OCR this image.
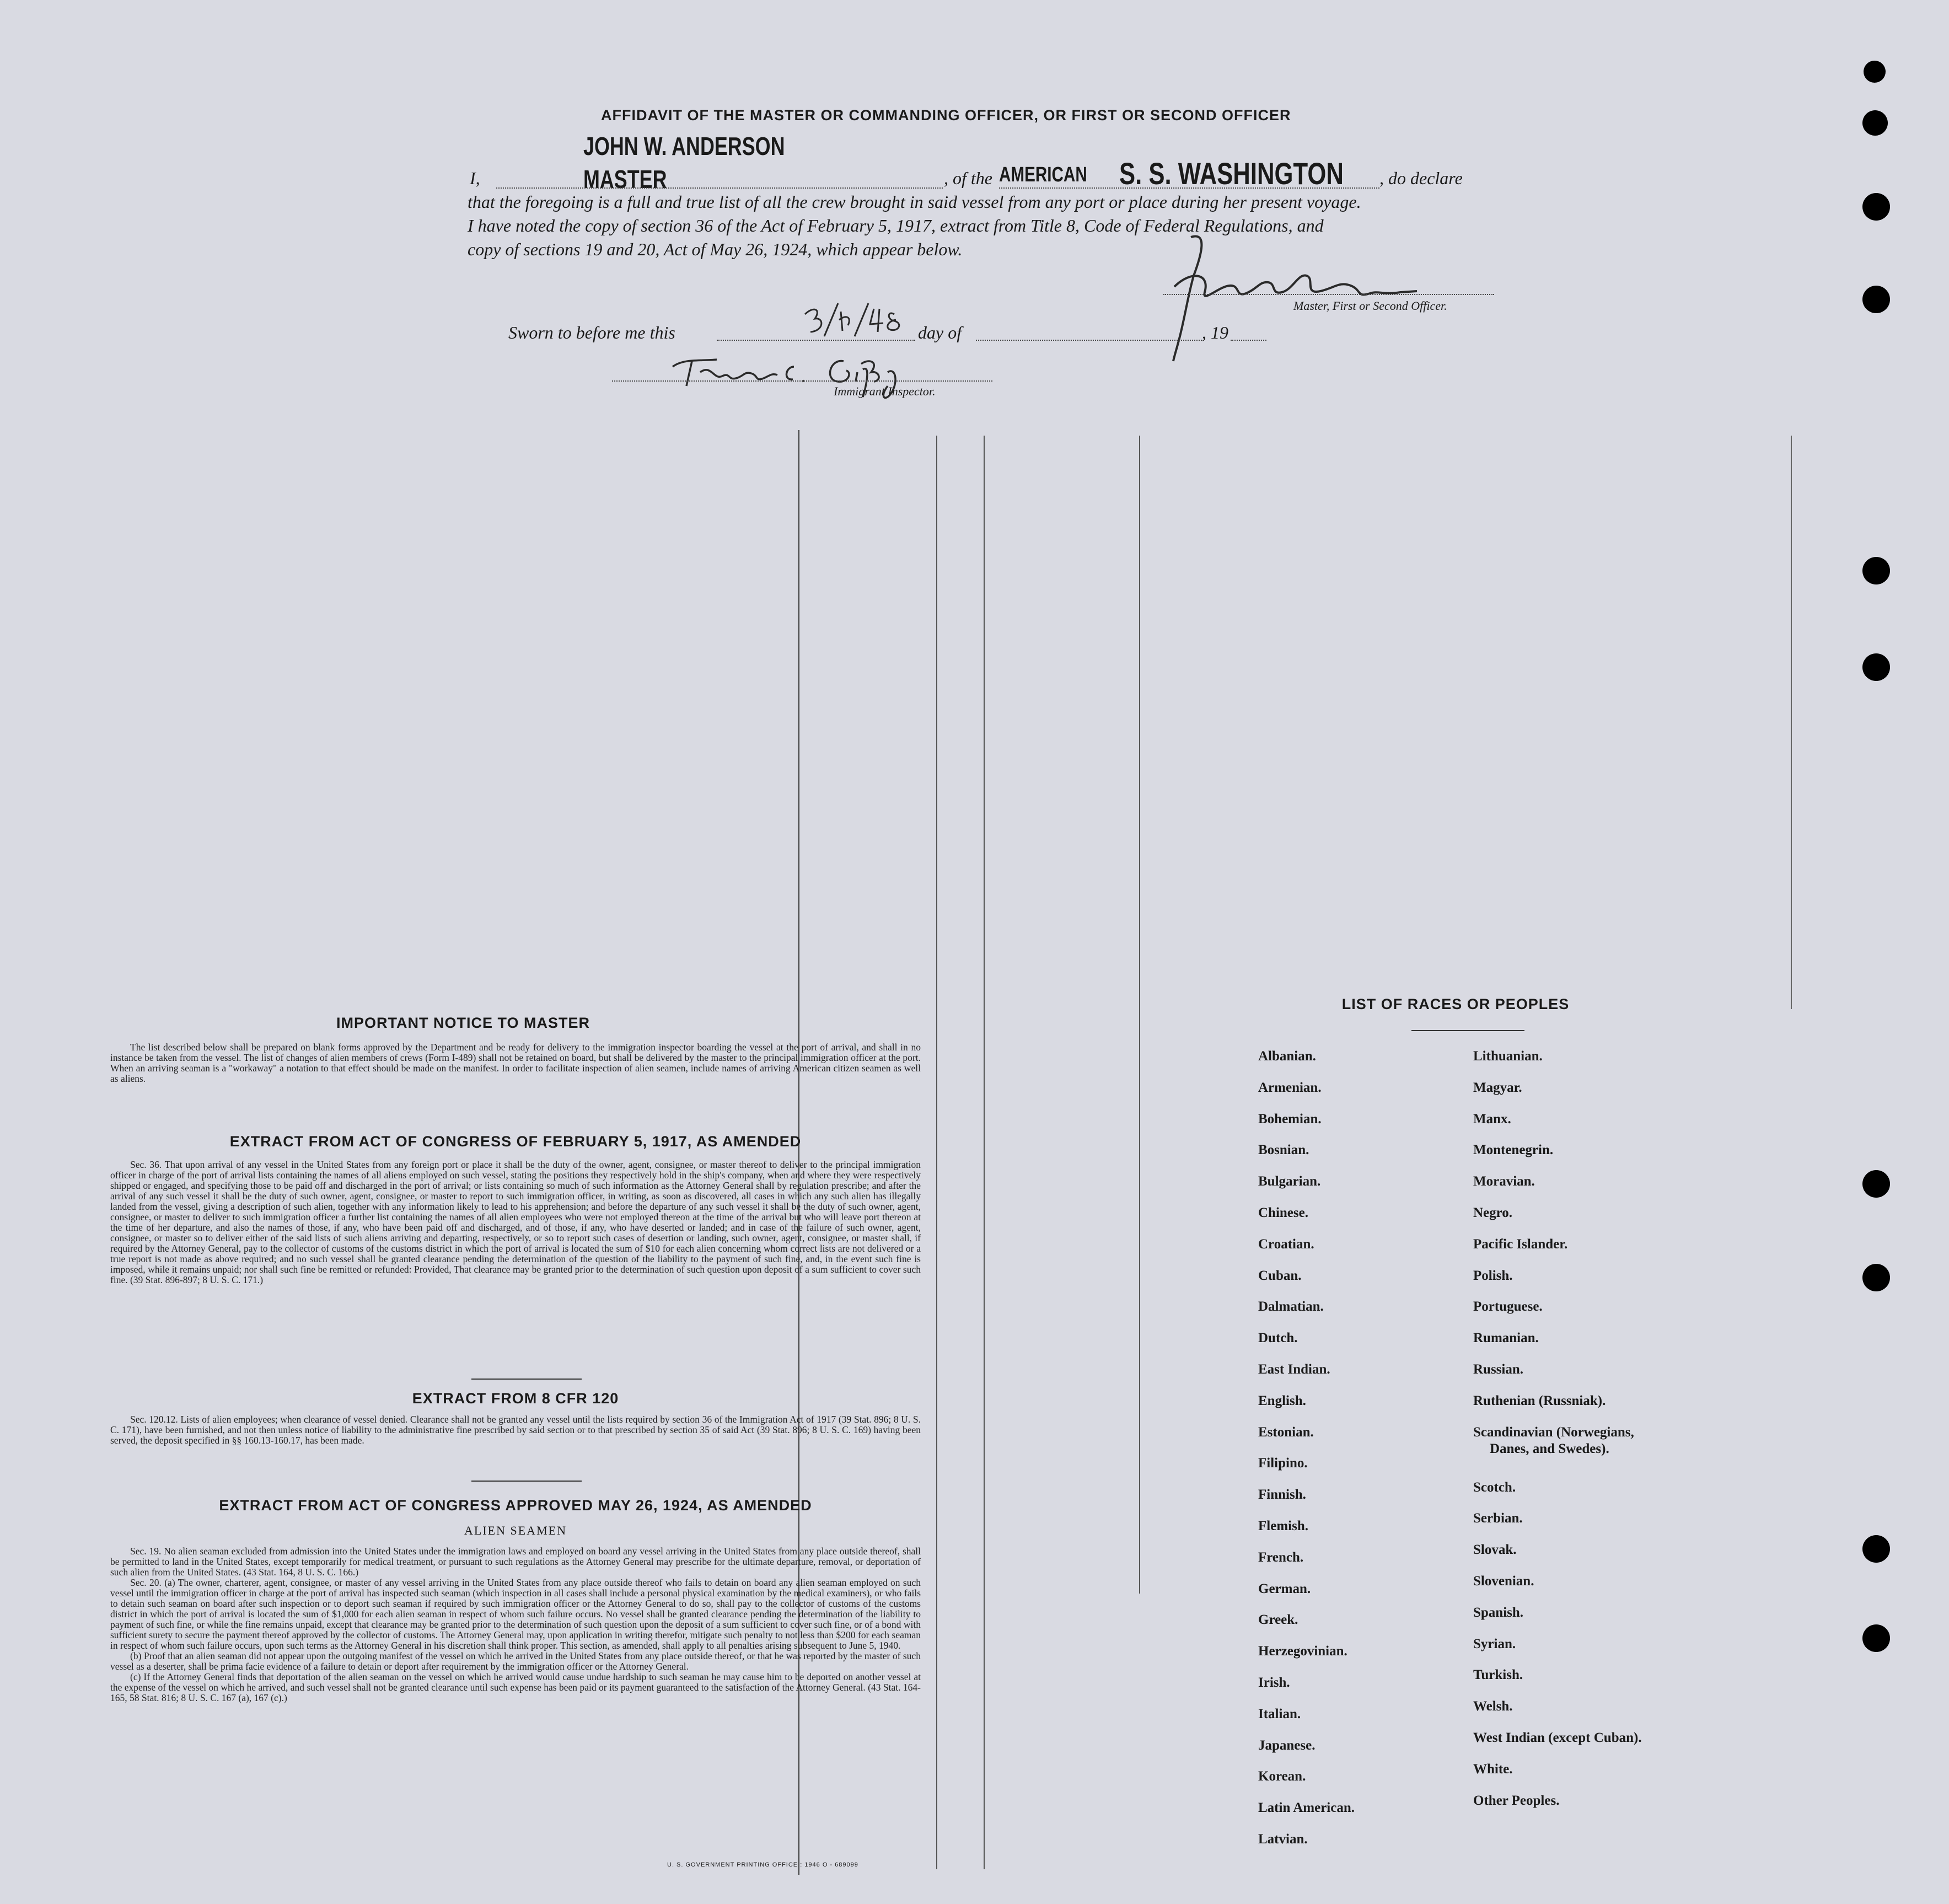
AFFIDAVIT OF THE MASTER OR COMMANDING OFFICER, OR FIRST OR SECOND OFFICER
I,
JOHN W. ANDERSON
MASTER	, of the AMERICAN S. S. WASHINGTON , do declare
that the foregoing is a full and true list of all the crew brought in said vessel from any port or place during her present voyage.
I have noted the copy of section 36 of the Act of February 5, 1917, extract from Title 8, Code of Federal Regulations, and
copy of sections 19 and 20, Act of May 26, 1924, which appear below.
Master, First or Second Officer.
Sworn to before me this	day of	, 19
Immigrant Inspector.
IMPORTANT NOTICE TO MASTER

The list described below shall be prepared on blank forms approved by the Department and be ready for delivery to the immigration inspector boarding the vessel at the port of arrival, and shall in no instance be taken from the vessel. The list of changes of alien members of crews (Form I-489) shall not be retained on board, but shall be delivered by the master to the principal immigration officer at the port. When an arriving seaman is a "workaway" a notation to that effect should be made on the manifest. In order to facilitate inspection of alien seamen, include names of arriving American citizen seamen as well as aliens.

EXTRACT FROM ACT OF CONGRESS OF FEBRUARY 5, 1917, AS AMENDED

Sec. 36. That upon arrival of any vessel in the United States from any foreign port or place it shall be the duty of the owner, agent, consignee, or master thereof to deliver to the principal immigration officer in charge of the port of arrival lists containing the names of all aliens employed on such vessel, stating the positions they respectively hold in the ship's company, when and where they were respectively shipped or engaged, and specifying those to be paid off and discharged in the port of arrival; or lists containing so much of such information as the Attorney General shall by regulation prescribe; and after the arrival of any such vessel it shall be the duty of such owner, agent, consignee, or master to report to such immigration officer, in writing, as soon as discovered, all cases in which any such alien has illegally landed from the vessel, giving a description of such alien, together with any information likely to lead to his apprehension; and before the departure of any such vessel it shall be the duty of such owner, agent, consignee, or master to deliver to such immigration officer a further list containing the names of all alien employees who were not employed thereon at the time of the arrival but who will leave port thereon at the time of her departure, and also the names of those, if any, who have been paid off and discharged, and of those, if any, who have deserted or landed; and in case of the failure of such owner, agent, consignee, or master so to deliver either of the said lists of such aliens arriving and departing, respectively, or so to report such cases of desertion or landing, such owner, agent, consignee, or master shall, if required by the Attorney General, pay to the collector of customs of the customs district in which the port of arrival is located the sum of $10 for each alien concerning whom correct lists are not delivered or a true report is not made as above required; and no such vessel shall be granted clearance pending the determination of the question of the liability to the payment of such fine, and, in the event such fine is imposed, while it remains unpaid; nor shall such fine be remitted or refunded: Provided, That clearance may be granted prior to the determination of such question upon deposit of a sum sufficient to cover such fine. (39 Stat. 896-897; 8 U. S. C. 171.)

EXTRACT FROM 8 CFR 120

Sec. 120.12. Lists of alien employees; when clearance of vessel denied. Clearance shall not be granted any vessel until the lists required by section 36 of the Immigration Act of 1917 (39 Stat. 896; 8 U. S. C. 171), have been furnished, and not then unless notice of liability to the administrative fine prescribed by said section or to that prescribed by section 35 of said Act (39 Stat. 896; 8 U. S. C. 169) having been served, the deposit specified in §§ 160.13-160.17, has been made.

EXTRACT FROM ACT OF CONGRESS APPROVED MAY 26, 1924, AS AMENDED
ALIEN SEAMEN

Sec. 19. No alien seaman excluded from admission into the United States under the immigration laws and employed on board any vessel arriving in the United States from any place outside thereof, shall be permitted to land in the United States, except temporarily for medical treatment, or pursuant to such regulations as the Attorney General may prescribe for the ultimate departure, removal, or deportation of such alien from the United States. (43 Stat. 164, 8 U. S. C. 166.)

Sec. 20. (a) The owner, charterer, agent, consignee, or master of any vessel arriving in the United States from any place outside thereof who fails to detain on board any alien seaman employed on such vessel until the immigration officer in charge at the port of arrival has inspected such seaman (which inspection in all cases shall include a personal physical examination by the medical examiners), or who fails to detain such seaman on board after such inspection or to deport such seaman if required by such immigration officer or the Attorney General to do so, shall pay to the collector of customs of the customs district in which the port of arrival is located the sum of $1,000 for each alien seaman in respect of whom such failure occurs. No vessel shall be granted clearance pending the determination of the liability to payment of such fine, or while the fine remains unpaid, except that clearance may be granted prior to the determination of such question upon the deposit of a sum sufficient to cover such fine, or of a bond with sufficient surety to secure the payment thereof approved by the collector of customs. The Attorney General may, upon application in writing therefor, mitigate such penalty to not less than $200 for each seaman in respect of whom such failure occurs, upon such terms as the Attorney General in his discretion shall think proper. This section, as amended, shall apply to all penalties arising subsequent to June 5, 1940.

(b) Proof that an alien seaman did not appear upon the outgoing manifest of the vessel on which he arrived in the United States from any place outside thereof, or that he was reported by the master of such vessel as a deserter, shall be prima facie evidence of a failure to detain or deport after requirement by the immigration officer or the Attorney General.

(c) If the Attorney General finds that deportation of the alien seaman on the vessel on which he arrived would cause undue hardship to such seaman he may cause him to be deported on another vessel at the expense of the vessel on which he arrived, and such vessel shall not be granted clearance until such expense has been paid or its payment guaranteed to the satisfaction of the Attorney General. (43 Stat. 164-165, 58 Stat. 816; 8 U. S. C. 167 (a), 167 (c).)

LIST OF RACES OR PEOPLES
Albanian.
Armenian.
Bohemian.
Bosnian.
Bulgarian.
Chinese.
Croatian.
Cuban.
Dalmatian.
Dutch.
East Indian.
English.
Estonian.
Filipino.
Finnish.
Flemish.
French.
German.
Greek.
Herzegovinian.
Irish.
Italian.
Japanese.
Korean.
Latin American.
Latvian.
Lithuanian.
Magyar.
Manx.
Montenegrin.
Moravian.
Negro.
Pacific Islander.
Polish.
Portuguese.
Rumanian.
Russian.
Ruthenian (Russniak).
Scandinavian (Norwegians,
Danes, and Swedes).
Scotch.
Serbian.
Slovak.
Slovenian.
Spanish.
Syrian.
Turkish.
Welsh.
West Indian (except Cuban).
White.
Other Peoples.
U. S. GOVERNMENT PRINTING OFFICE : 1946 O - 689099
